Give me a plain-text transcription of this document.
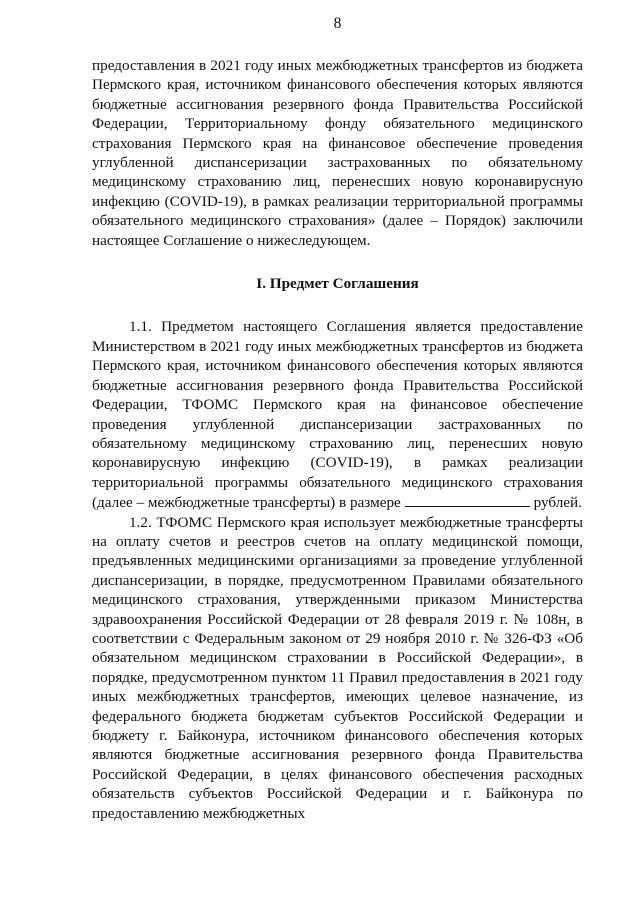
8

предоставления в 2021 году иных межбюджетных трансфертов из бюджета Пермского края, источником финансового обеспечения которых являются бюджетные ассигнования резервного фонда Правительства Российской Федерации, Территориальному фонду обязательного медицинского страхования Пермского края на финансовое обеспечение проведения углубленной диспансеризации застрахованных по обязательному медицинскому страхованию лиц, перенесших новую коронавирусную инфекцию (COVID-19), в рамках реализации территориальной программы обязательного медицинского страхования» (далее – Порядок) заключили настоящее Соглашение о нижеследующем.

I. Предмет Соглашения

1.1. Предметом настоящего Соглашения является предоставление Министерством в 2021 году иных межбюджетных трансфертов из бюджета Пермского края, источником финансового обеспечения которых являются бюджетные ассигнования резервного фонда Правительства Российской Федерации, ТФОМС Пермского края на финансовое обеспечение проведения углубленной диспансеризации застрахованных по обязательному медицинскому страхованию лиц, перенесших новую коронавирусную инфекцию (COVID-19), в рамках реализации территориальной программы обязательного медицинского страхования (далее – межбюджетные трансферты) в размере	рублей.

1.2. ТФОМС Пермского края использует межбюджетные трансферты на оплату счетов и реестров счетов на оплату медицинской помощи, предъявленных медицинскими организациями за проведение углубленной диспансеризации, в порядке, предусмотренном Правилами обязательного медицинского страхования, утвержденными приказом Министерства здравоохранения Российской Федерации от 28 февраля 2019 г. № 108н, в соответствии с Федеральным законом от 29 ноября 2010 г. № 326-ФЗ «Об обязательном медицинском страховании в Российской Федерации», в порядке, предусмотренном пунктом 11 Правил предоставления в 2021 году иных межбюджетных трансфертов, имеющих целевое назначение, из федерального бюджета бюджетам субъектов Российской Федерации и бюджету г. Байконура, источником финансового обеспечения которых являются бюджетные ассигнования резервного фонда Правительства Российской Федерации, в целях финансового обеспечения расходных обязательств субъектов Российской Федерации и г. Байконура по предоставлению межбюджетных
